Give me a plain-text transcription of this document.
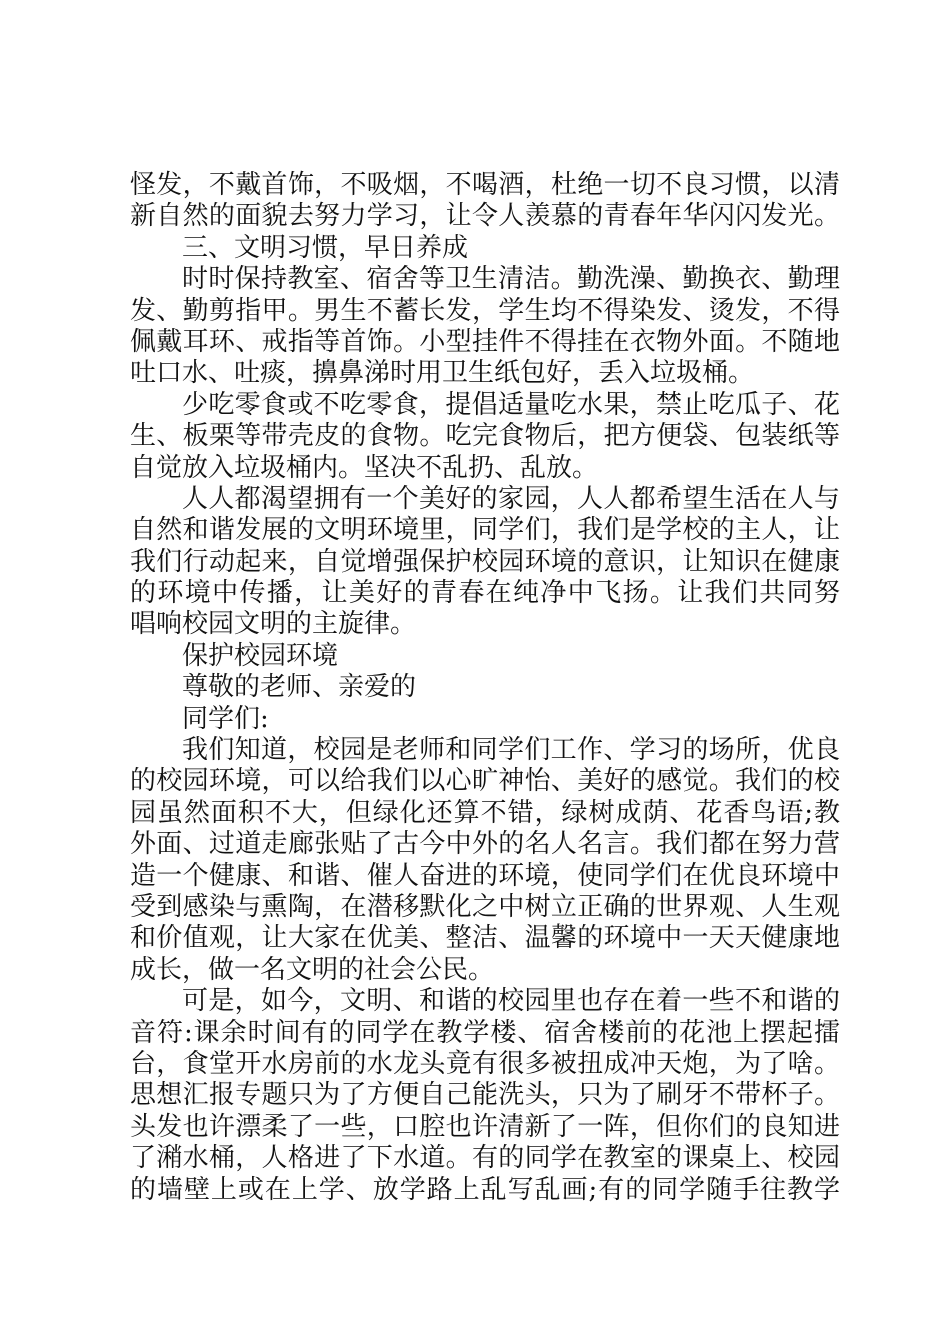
怪发，不戴首饰，不吸烟，不喝酒，杜绝一切不良习惯，以清
新自然的面貌去努力学习，让令人羡慕的青春年华闪闪发光。
三、文明习惯，早日养成
时时保持教室、宿舍等卫生清洁。勤洗澡、勤换衣、勤理
发、勤剪指甲。男生不蓄长发，学生均不得染发、烫发，不得
佩戴耳环、戒指等首饰。小型挂件不得挂在衣物外面。不随地
吐口水、吐痰，擤鼻涕时用卫生纸包好，丢入垃圾桶。
少吃零食或不吃零食，提倡适量吃水果，禁止吃瓜子、花
生、板栗等带壳皮的食物。吃完食物后，把方便袋、包装纸等
自觉放入垃圾桶内。坚决不乱扔、乱放。
人人都渴望拥有一个美好的家园，人人都希望生活在人与
自然和谐发展的文明环境里，同学们，我们是学校的主人，让
我们行动起来，自觉增强保护校园环境的意识，让知识在健康
的环境中传播，让美好的青春在纯净中飞扬。让我们共同努
唱响校园文明的主旋律。
保护校园环境
尊敬的老师、亲爱的
同学们:
我们知道，校园是老师和同学们工作、学习的场所，优良
的校园环境，可以给我们以心旷神怡、美好的感觉。我们的校
园虽然面积不大，但绿化还算不错，绿树成荫、花香鸟语;教
外面、过道走廊张贴了古今中外的名人名言。我们都在努力营
造一个健康、和谐、催人奋进的环境，使同学们在优良环境中
受到感染与熏陶，在潜移默化之中树立正确的世界观、人生观
和价值观，让大家在优美、整洁、温馨的环境中一天天健康地
成长，做一名文明的社会公民。
可是，如今，文明、和谐的校园里也存在着一些不和谐的
音符:课余时间有的同学在教学楼、宿舍楼前的花池上摆起擂
台，食堂开水房前的水龙头竟有很多被扭成冲天炮，为了啥。
思想汇报专题只为了方便自己能洗头，只为了刷牙不带杯子。
头发也许漂柔了一些，口腔也许清新了一阵，但你们的良知进
了潲水桶，人格进了下水道。有的同学在教室的课桌上、校园
的墙壁上或在上学、放学路上乱写乱画;有的同学随手往教学
